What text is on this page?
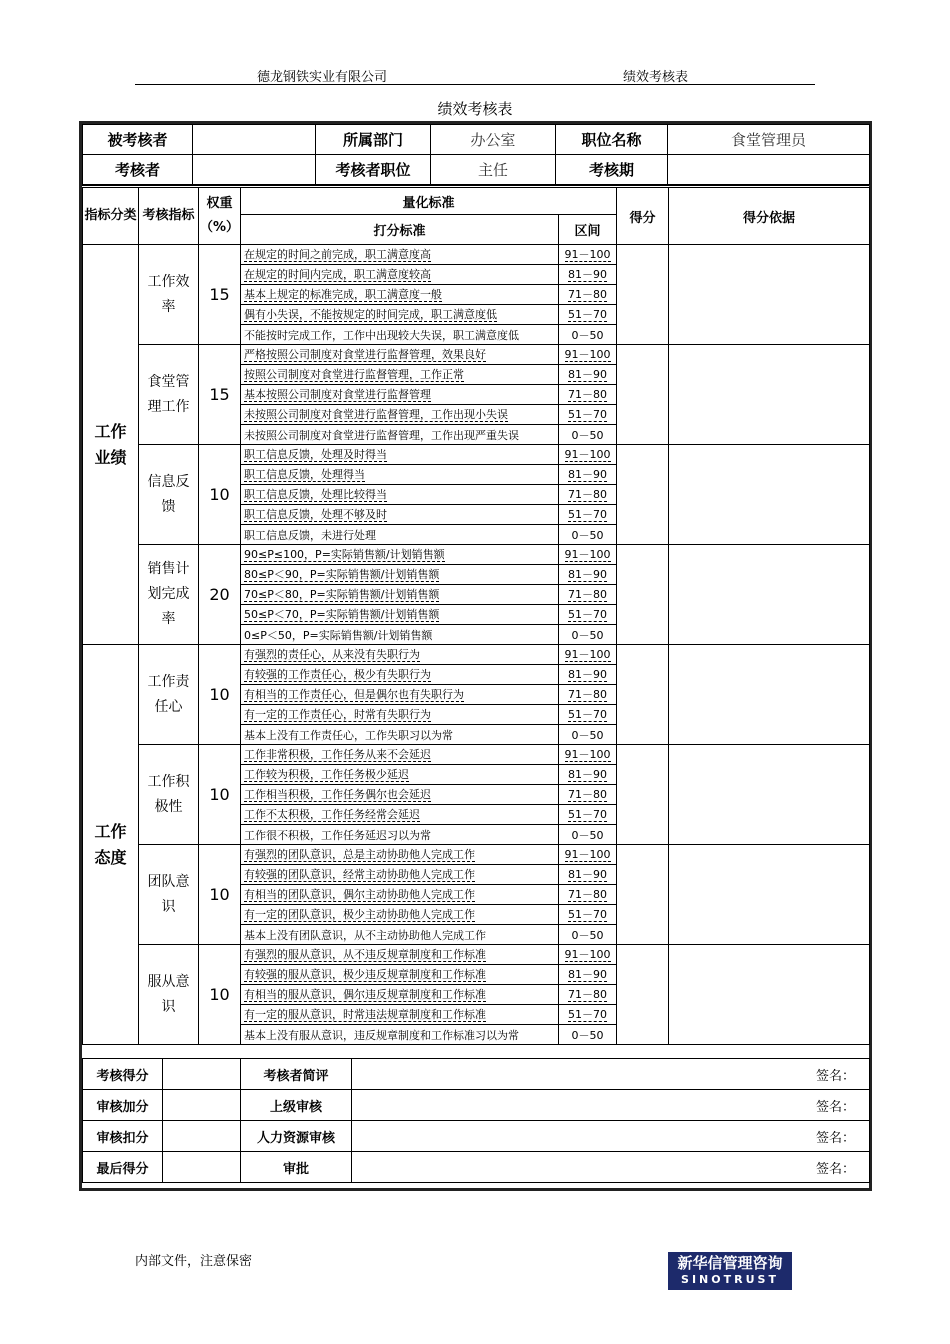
德龙钢铁实业有限公司	绩效考核表
绩效考核表
被考核者		所属部门	办公室	职位名称	食堂管理员
考核者		考核者职位	主任	考核期	
指标分类	考核指标	权重（%）	量化标准		得分	得分依据
			打分标准	区间		
工作业绩	工作效率	15	在规定的时间之前完成，职工满意度高	91－100		
			在规定的时间内完成，职工满意度较高	81－90		
			基本上规定的标准完成，职工满意度一般	71－80		
			偶有小失误，不能按规定的时间完成，职工满意度低	51－70		
			不能按时完成工作，工作中出现较大失误，职工满意度低	0－50		
	食堂管理工作	15	严格按照公司制度对食堂进行监督管理，效果良好	91－100		
			按照公司制度对食堂进行监督管理，工作正常	81－90		
			基本按照公司制度对食堂进行监督管理	71－80		
			未按照公司制度对食堂进行监督管理，工作出现小失误	51－70		
			未按照公司制度对食堂进行监督管理，工作出现严重失误	0－50		
	信息反馈	10	职工信息反馈，处理及时得当	91－100		
			职工信息反馈，处理得当	81－90		
			职工信息反馈，处理比较得当	71－80		
			职工信息反馈，处理不够及时	51－70		
			职工信息反馈，未进行处理	0－50		
	销售计划完成率	20	90≤P≤100，P=实际销售额/计划销售额	91－100		
			80≤P＜90，P=实际销售额/计划销售额	81－90		
			70≤P＜80，P=实际销售额/计划销售额	71－80		
			50≤P＜70，P=实际销售额/计划销售额	51－70		
			0≤P＜50，P=实际销售额/计划销售额	0－50		
工作态度	工作责任心	10	有强烈的责任心，从来没有失职行为	91－100		
			有较强的工作责任心，极少有失职行为	81－90		
			有相当的工作责任心，但是偶尔也有失职行为	71－80		
			有一定的工作责任心，时常有失职行为	51－70		
			基本上没有工作责任心，工作失职习以为常	0－50		
	工作积极性	10	工作非常积极，工作任务从来不会延迟	91－100		
			工作较为积极，工作任务极少延迟	81－90		
			工作相当积极，工作任务偶尔也会延迟	71－80		
			工作不太积极，工作任务经常会延迟	51－70		
			工作很不积极，工作任务延迟习以为常	0－50		
	团队意识	10	有强烈的团队意识，总是主动协助他人完成工作	91－100		
			有较强的团队意识，经常主动协助他人完成工作	81－90		
			有相当的团队意识，偶尔主动协助他人完成工作	71－80		
			有一定的团队意识，极少主动协助他人完成工作	51－70		
			基本上没有团队意识，从不主动协助他人完成工作	0－50		
	服从意识	10	有强烈的服从意识，从不违反规章制度和工作标准	91－100		
			有较强的服从意识，极少违反规章制度和工作标准	81－90		
			有相当的服从意识，偶尔违反规章制度和工作标准	71－80		
			有一定的服从意识，时常违法规章制度和工作标准	51－70		
			基本上没有服从意识，违反规章制度和工作标准习以为常	0－50		
考核得分		考核者简评	签名：
审核加分		上级审核	签名：
审核扣分		人力资源审核	签名：
最后得分		审批	签名：
内部文件，注意保密	新华信管理咨询
SINOTRUST
